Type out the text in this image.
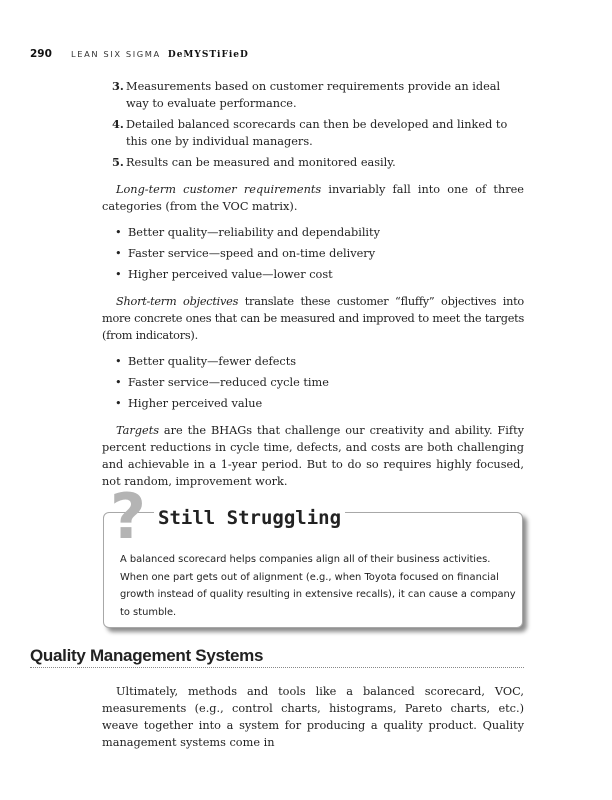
290 LEAN SIX SIGMA DeMYSTiFieD
3. Measurements based on customer requirements provide an ideal way to evaluate performance.
4. Detailed balanced scorecards can then be developed and linked to this one by individual managers.
5. Results can be measured and monitored easily.

Long-term customer requirements invariably fall into one of three categories (from the VOC matrix).

• Better quality—reliability and dependability
• Faster service—speed and on-time delivery
• Higher perceived value—lower cost

Short-term objectives translate these customer “fluffy” objectives into more concrete ones that can be measured and improved to meet the targets (from indicators).

• Better quality—fewer defects
• Faster service—reduced cycle time
• Higher perceived value

Targets are the BHAGs that challenge our creativity and ability. Fifty percent reductions in cycle time, defects, and costs are both challenging and achievable in a 1-year period. But to do so requires highly focused, not random, improvement work.

Still Struggling
A balanced scorecard helps companies align all of their business activities. When one part gets out of alignment (e.g., when Toyota focused on financial growth instead of quality resulting in extensive recalls), it can cause a company to stumble.
?
Quality Management Systems

Ultimately, methods and tools like a balanced scorecard, VOC, measurements (e.g., control charts, histograms, Pareto charts, etc.) weave together into a system for producing a quality product. Quality management systems come in
